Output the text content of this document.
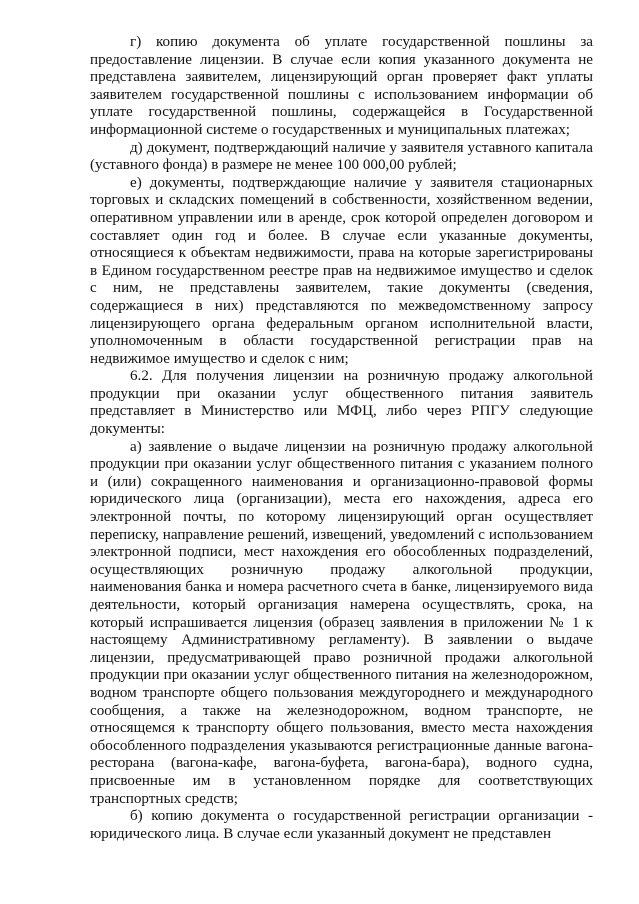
г) копию документа об уплате государственной пошлины за предоставление лицензии. В случае если копия указанного документа не представлена заявителем, лицензирующий орган проверяет факт уплаты заявителем государственной пошлины с использованием информации об уплате государственной пошлины, содержащейся в Государственной информационной системе о государственных и муниципальных платежах;

д) документ, подтверждающий наличие у заявителя уставного капитала (уставного фонда) в размере не менее 100 000,00 рублей;

е) документы, подтверждающие наличие у заявителя стационарных торговых и складских помещений в собственности, хозяйственном ведении, оперативном управлении или в аренде, срок которой определен договором и составляет один год и более. В случае если указанные документы, относящиеся к объектам недвижимости, права на которые зарегистрированы в Едином государственном реестре прав на недвижимое имущество и сделок с ним, не представлены заявителем, такие документы (сведения, содержащиеся в них) представляются по межведомственному запросу лицензирующего органа федеральным органом исполнительной власти, уполномоченным в области государственной регистрации прав на недвижимое имущество и сделок с ним;

6.2. Для получения лицензии на розничную продажу алкогольной продукции при оказании услуг общественного питания заявитель представляет в Министерство или МФЦ, либо через РПГУ следующие документы:

а) заявление о выдаче лицензии на розничную продажу алкогольной продукции при оказании услуг общественного питания с указанием полного и (или) сокращенного наименования и организационно-правовой формы юридического лица (организации), места его нахождения, адреса его электронной почты, по которому лицензирующий орган осуществляет переписку, направление решений, извещений, уведомлений с использованием электронной подписи, мест нахождения его обособленных подразделений, осуществляющих розничную продажу алкогольной продукции, наименования банка и номера расчетного счета в банке, лицензируемого вида деятельности, который организация намерена осуществлять, срока, на который испрашивается лицензия (образец заявления в приложении № 1 к настоящему Административному регламенту). В заявлении о выдаче лицензии, предусматривающей право розничной продажи алкогольной продукции при оказании услуг общественного питания на железнодорожном, водном транспорте общего пользования междугороднего и международного сообщения, а также на железнодорожном, водном транспорте, не относящемся к транспорту общего пользования, вместо места нахождения обособленного подразделения указываются регистрационные данные вагона-ресторана (вагона-кафе, вагона-буфета, вагона-бара), водного судна, присвоенные им в установленном порядке для соответствующих транспортных средств;

б) копию документа о государственной регистрации организации - юридического лица. В случае если указанный документ не представлен
